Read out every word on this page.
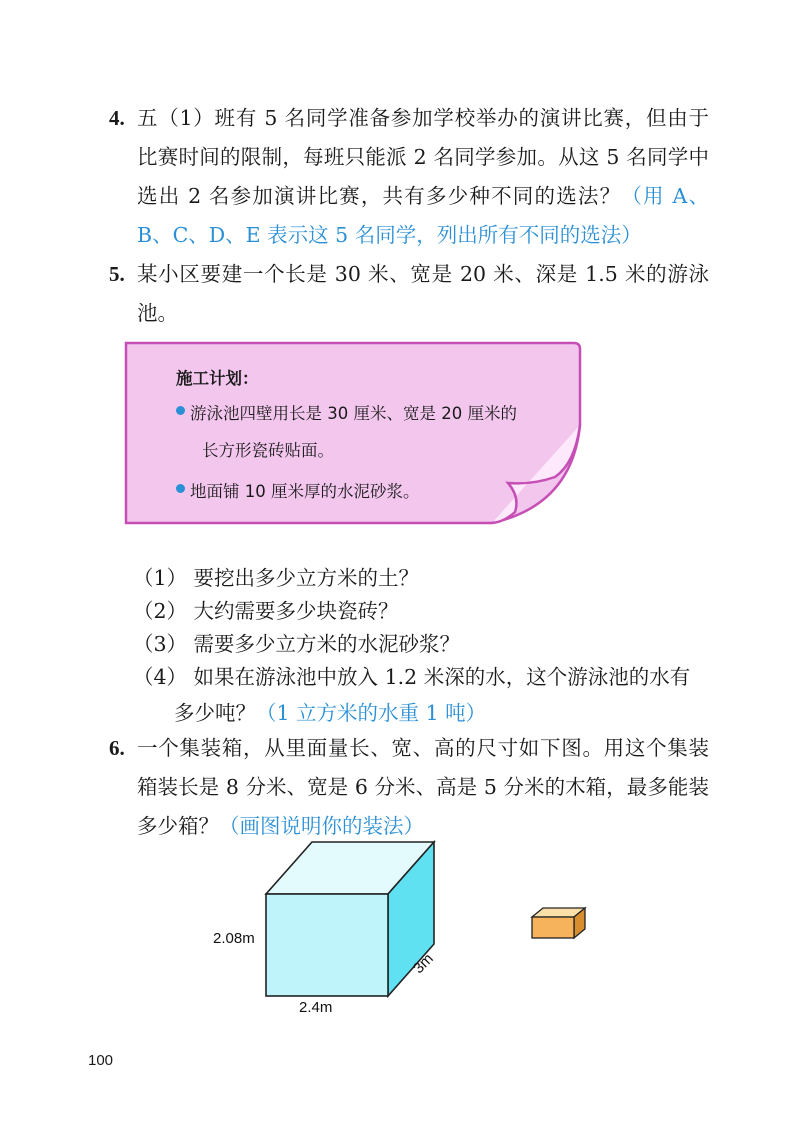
4. 五（1）班有 5 名同学准备参加学校举办的演讲比赛，但由于比赛时间的限制，每班只能派 2 名同学参加。从这 5 名同学中选出 2 名参加演讲比赛，共有多少种不同的选法？（用 A、B、C、D、E 表示这 5 名同学，列出所有不同的选法）
5. 某小区要建一个长是 30 米、宽是 20 米、深是 1.5 米的游泳池。
施工计划：
游泳池四壁用长是 30 厘米、宽是 20 厘米的
长方形瓷砖贴面。
地面铺 10 厘米厚的水泥砂浆。
（1） 要挖出多少立方米的土？
（2） 大约需要多少块瓷砖？
（3） 需要多少立方米的水泥砂浆？
（4） 如果在游泳池中放入 1.2 米深的水，这个游泳池的水有多少吨？（1 立方米的水重 1 吨）
6. 一个集装箱，从里面量长、宽、高的尺寸如下图。用这个集装箱装长是 8 分米、宽是 6 分米、高是 5 分米的木箱，最多能装多少箱？（画图说明你的装法）
2.08m
2.4m
3m
100
